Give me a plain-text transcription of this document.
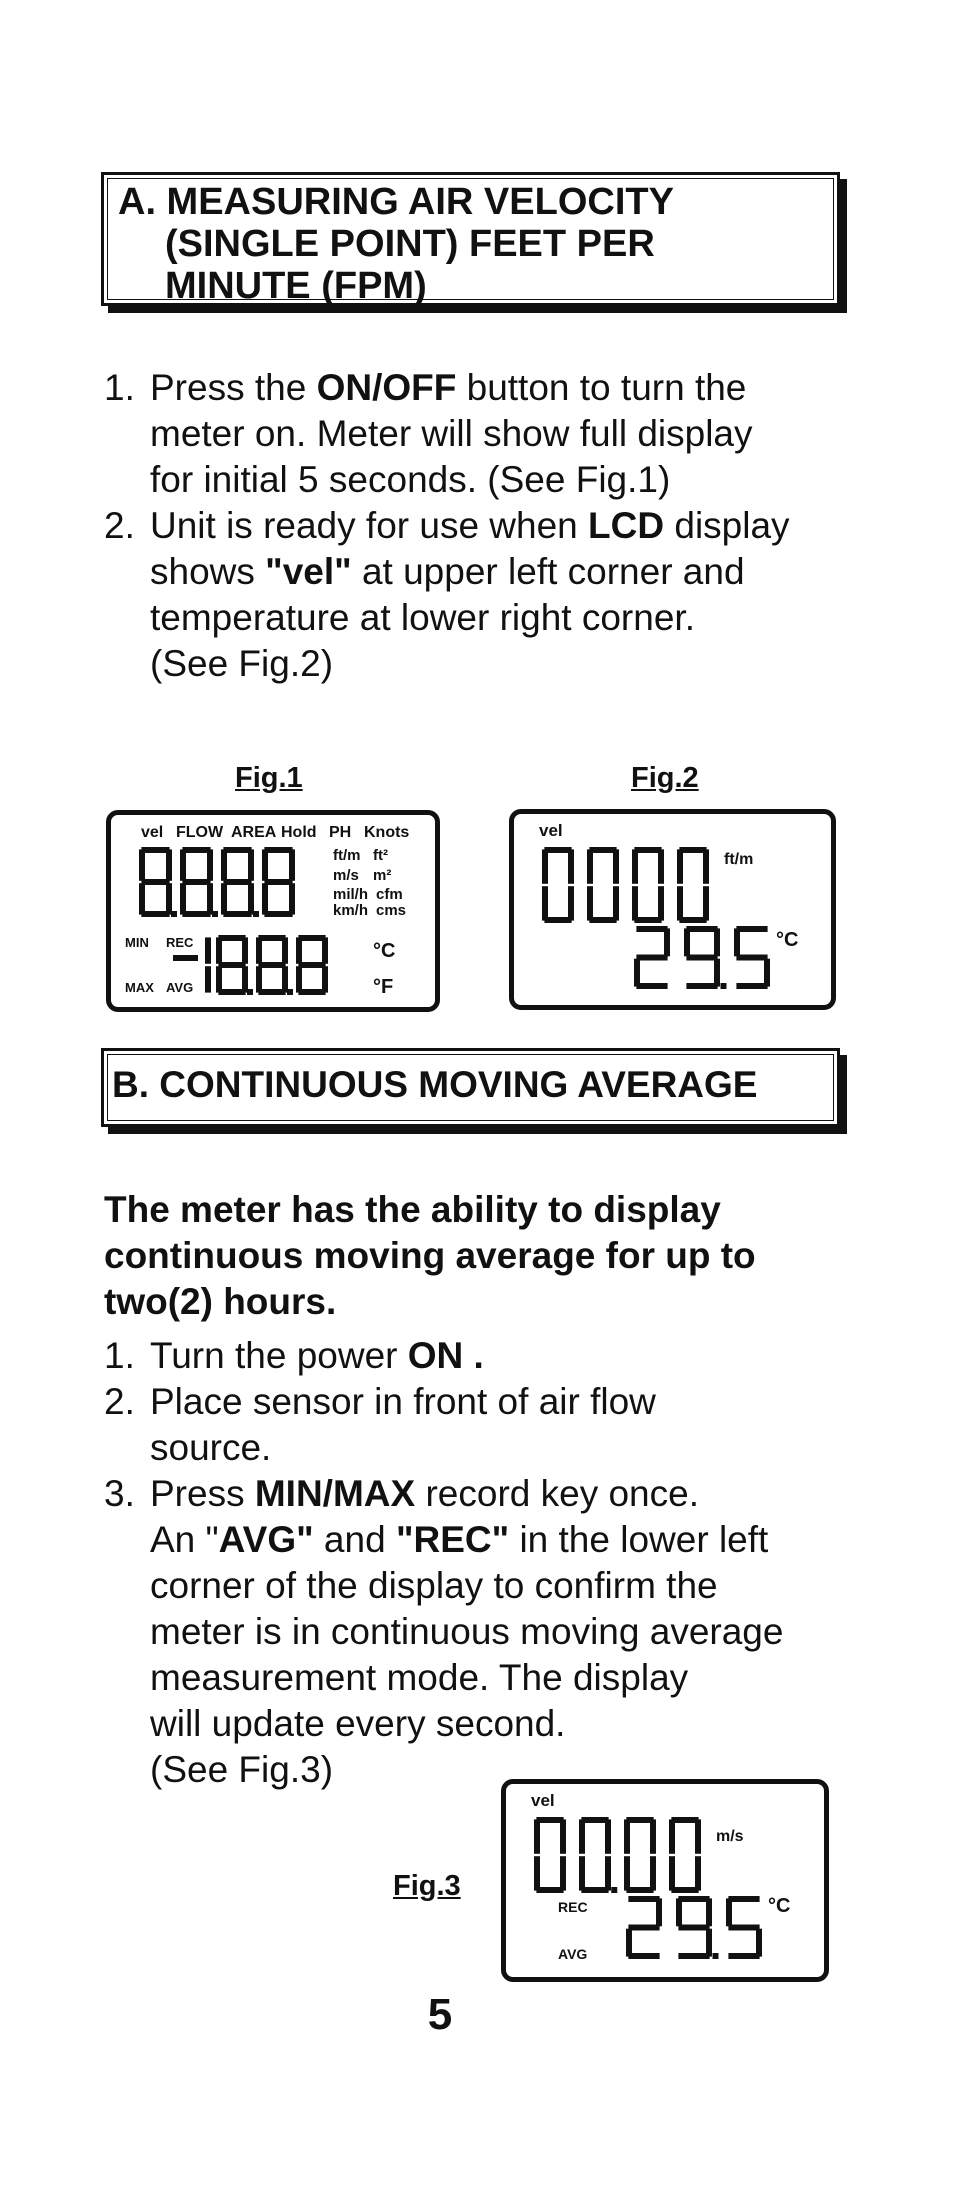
A. MEASURING AIR VELOCITY
(SINGLE POINT) FEET PER
MINUTE (FPM)
1. Press the ON/OFF button to turn the
meter on. Meter will show full display
for initial 5 seconds. (See Fig.1)
2. Unit is ready for use when LCD display
shows "vel" at upper left corner and
temperature at lower right corner.
(See Fig.2)
Fig.1
vel FLOW AREA Hold PH Knots
ft/m ft²
m/s m²
mil/h cfm
km/h cms
MIN REC
MAX AVG
°C
°F
Fig.2
vel
ft/m
°C
B. CONTINUOUS MOVING AVERAGE
The meter has the ability to display
continuous moving average for up to
two(2) hours.
1. Turn the power ON .
2. Place sensor in front of air flow
source.
3. Press MIN/MAX record key once.
An "AVG" and "REC" in the lower left
corner of the display to confirm the
meter is in continuous moving average
measurement mode. The display
will update every second.
(See Fig.3)
Fig.3
vel
m/s
REC
AVG
°C
5
